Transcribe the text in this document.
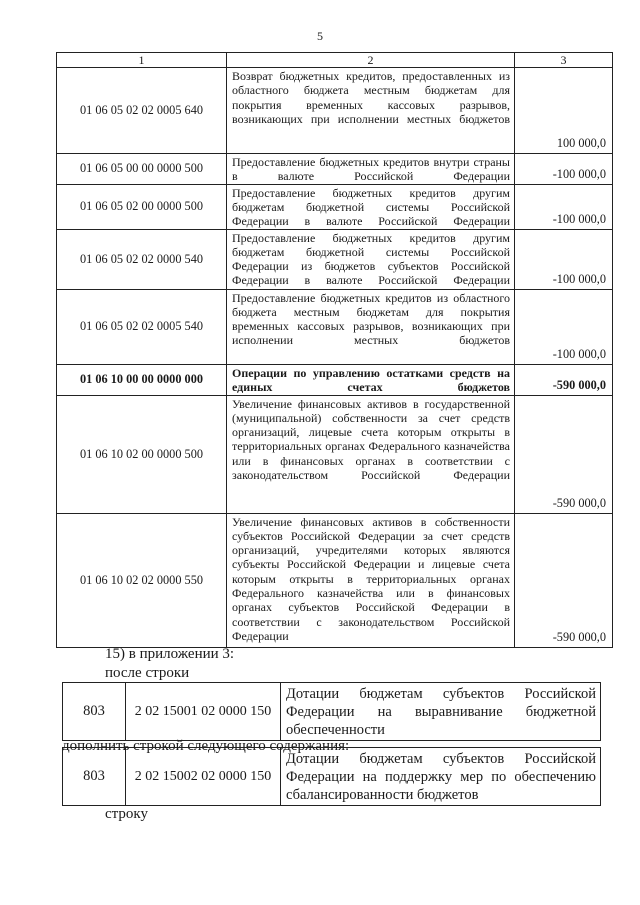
5
1	2	3
01 06 05 02 02 0005 640	Возврат бюджетных кредитов, предоставленных из областного бюджета местным бюджетам для покрытия временных кассовых разрывов, возникающих при исполнении местных бюджетов	100 000,0
01 06 05 00 00 0000 500	Предоставление бюджетных кредитов внутри страны в валюте Российской Федерации	-100 000,0
01 06 05 02 00 0000 500	Предоставление бюджетных кредитов другим бюджетам бюджетной системы Российской Федерации в валюте Российской Федерации	-100 000,0
01 06 05 02 02 0000 540	Предоставление бюджетных кредитов другим бюджетам бюджетной системы Российской Федерации из бюджетов субъектов Российской Федерации в валюте Российской Федерации	-100 000,0
01 06 05 02 02 0005 540	Предоставление бюджетных кредитов из областного бюджета местным бюджетам для покрытия временных кассовых разрывов, возникающих при исполнении местных бюджетов	-100 000,0
01 06 10 00 00 0000 000	Операции по управлению остатками средств на единых счетах бюджетов	-590 000,0
01 06 10 02 00 0000 500	Увеличение финансовых активов в государственной (муниципальной) собственности за счет средств организаций, лицевые счета которым открыты в территориальных органах Федерального казначейства или в финансовых органах в соответствии с законодательством Российской Федерации	-590 000,0
01 06 10 02 02 0000 550	Увеличение финансовых активов в собственности субъектов Российской Федерации за счет средств организаций, учредителями которых являются субъекты Российской Федерации и лицевые счета которым открыты в территориальных органах Федерального казначейства или в финансовых органах субъектов Российской Федерации в соответствии с законодательством Российской Федерации	-590 000,0
15) в приложении 3:
после строки
803	2 02 15001 02 0000 150	Дотации бюджетам субъектов Российской Федерации на выравнивание бюджетной
обеспеченности
дополнить строкой следующего содержания:
803	2 02 15002 02 0000 150	Дотации бюджетам субъектов Российской Федерации на поддержку мер по обеспечению
сбалансированности бюджетов
строку
